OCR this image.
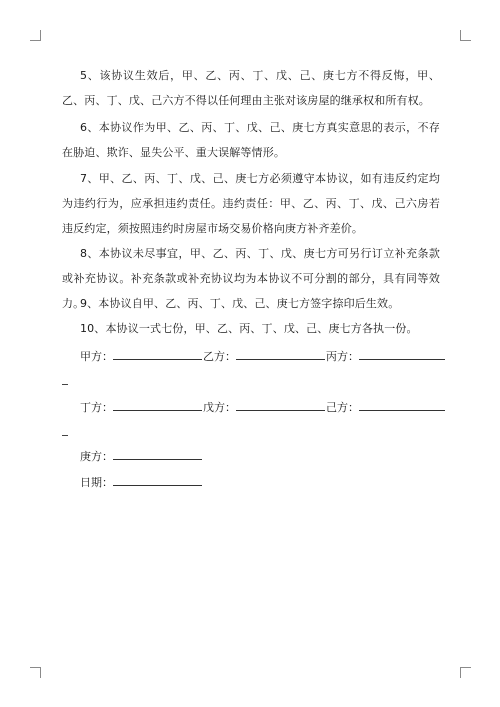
5、该协议生效后，甲、乙、丙、丁、戊、己、庚七方不得反悔，甲、乙、丙、丁、戊、己六方不得以任何理由主张对该房屋的继承权和所有权。

6、本协议作为甲、乙、丙、丁、戊、己、庚七方真实意思的表示，不存在胁迫、欺诈、显失公平、重大误解等情形。

7、甲、乙、丙、丁、戊、己、庚七方必须遵守本协议，如有违反约定均为违约行为，应承担违约责任。违约责任：甲、乙、丙、丁、戊、己六房若违反约定，须按照违约时房屋市场交易价格向庚方补齐差价。

8、本协议未尽事宜，甲、乙、丙、丁、戊、庚七方可另行订立补充条款或补充协议。补充条款或补充协议均为本协议不可分割的部分，具有同等效力。

9、本协议自甲、乙、丙、丁、戊、己、庚七方签字捺印后生效。

10、本协议一式七份，甲、乙、丙、丁、戊、己、庚七方各执一份。

甲方：	乙方：	丙方：
丁方：	戊方：	己方：
庚方：
日期：
